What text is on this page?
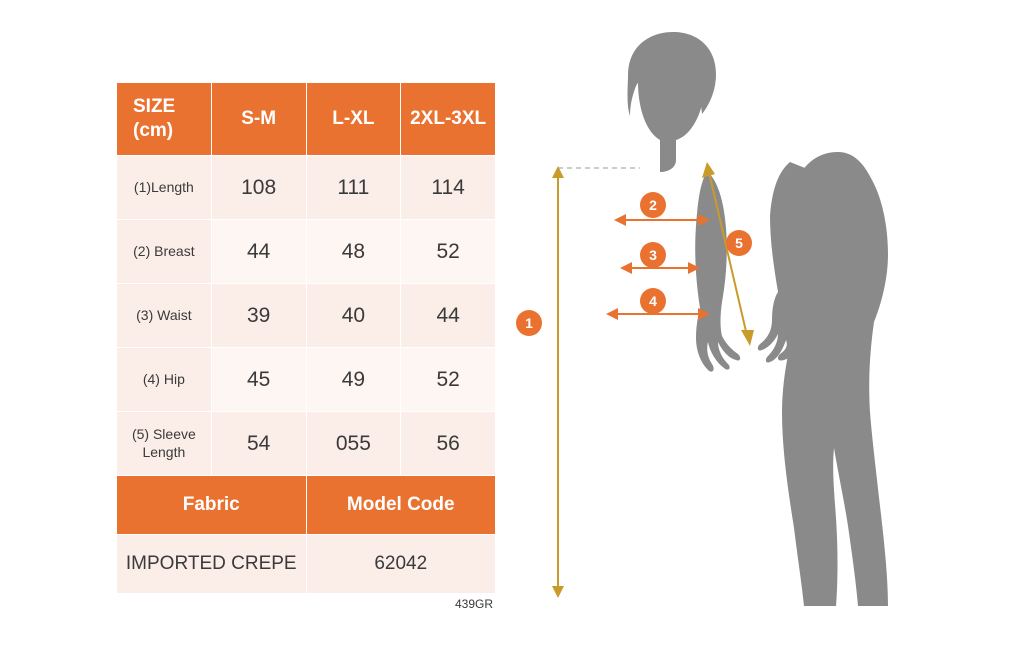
SIZE
(cm)	S-M	L-XL	2XL-3XL
(1)Length	108	111	114
(2) Breast	44	48	52
(3) Waist	39	40	44
(4) Hip	45	49	52
(5) Sleeve Length	54	055	56
Fabric	Model Code
IMPORTED CREPE	62042
439GR
1
2
3
4
5
